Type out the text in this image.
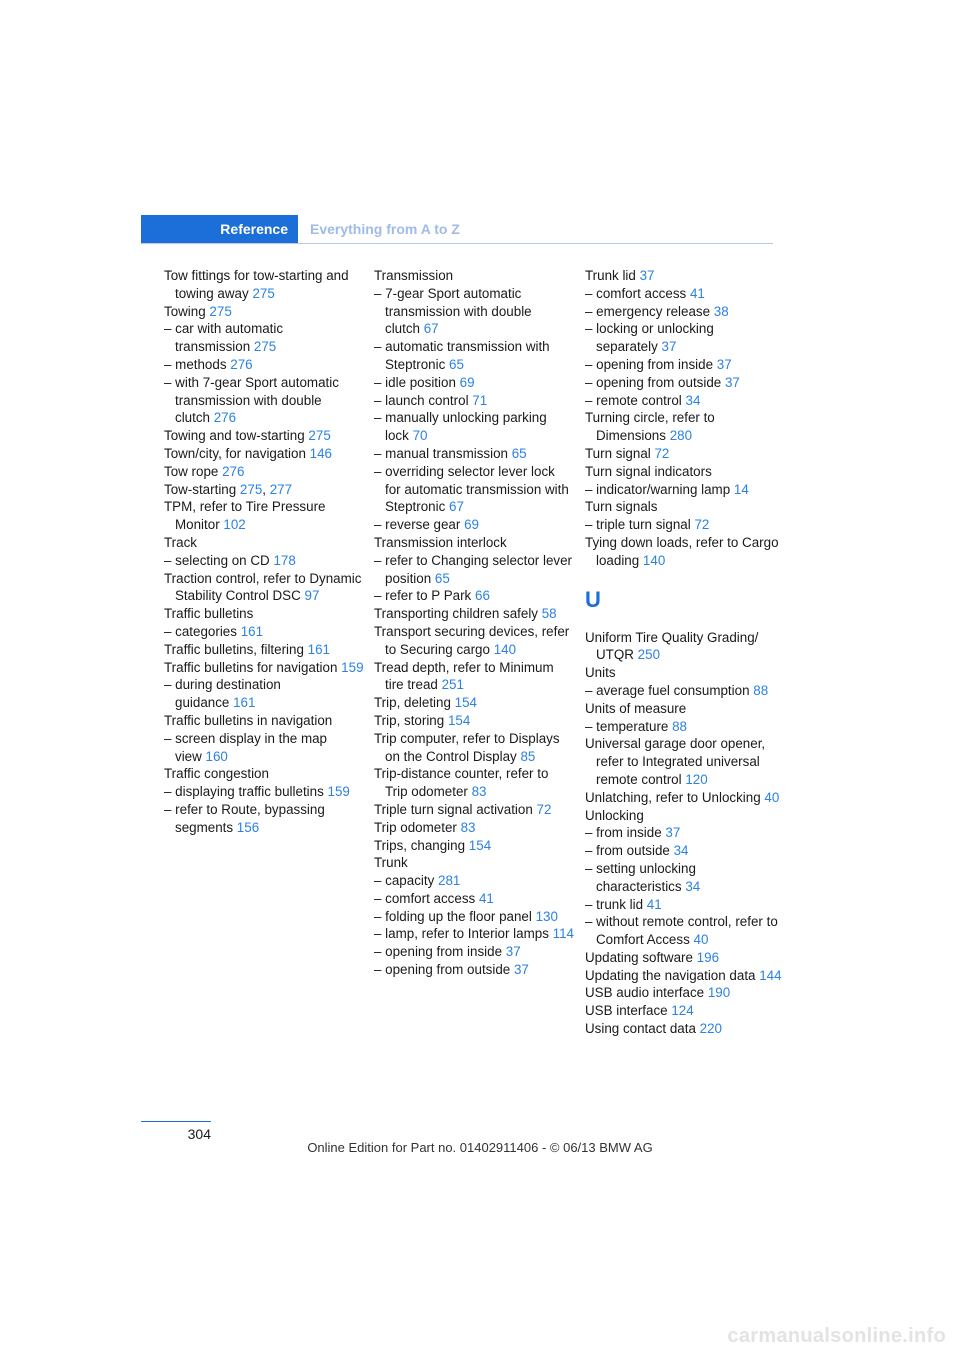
Reference	Everything from A to Z

Tow fittings for tow-starting and towing away 275

Towing 275

– car with automatic transmission 275

– methods 276

– with 7-gear Sport automatic transmission with double clutch 276

Towing and tow-starting 275

Town/city, for navigation 146

Tow rope 276

Tow-starting 275, 277

TPM, refer to Tire Pressure Monitor 102

Track

– selecting on CD 178

Traction control, refer to Dynamic Stability Control DSC 97

Traffic bulletins

– categories 161

Traffic bulletins, filtering 161

Traffic bulletins for navigation 159

– during destination guidance 161

Traffic bulletins in navigation

– screen display in the map view 160

Traffic congestion

– displaying traffic bulletins 159

– refer to Route, bypassing segments 156

Transmission

– 7-gear Sport automatic transmission with double clutch 67

– automatic transmission with Steptronic 65

– idle position 69

– launch control 71

– manually unlocking parking lock 70

– manual transmission 65

– overriding selector lever lock for automatic transmission with Steptronic 67

– reverse gear 69

Transmission interlock

– refer to Changing selector lever position 65

– refer to P Park 66

Transporting children safely 58

Transport securing devices, refer to Securing cargo 140

Tread depth, refer to Minimum tire tread 251

Trip, deleting 154

Trip, storing 154

Trip computer, refer to Displays on the Control Display 85

Trip-distance counter, refer to Trip odometer 83

Triple turn signal activation 72

Trip odometer 83

Trips, changing 154

Trunk

– capacity 281

– comfort access 41

– folding up the floor panel 130

– lamp, refer to Interior lamps 114

– opening from inside 37

– opening from outside 37

Trunk lid 37

– comfort access 41

– emergency release 38

– locking or unlocking separately 37

– opening from inside 37

– opening from outside 37

– remote control 34

Turning circle, refer to Dimensions 280

Turn signal 72

Turn signal indicators

– indicator/warning lamp 14

Turn signals

– triple turn signal 72

Tying down loads, refer to Cargo loading 140

U

Uniform Tire Quality Grading/ UTQR 250

Units

– average fuel consumption 88

Units of measure

– temperature 88

Universal garage door opener, refer to Integrated universal remote control 120

Unlatching, refer to Unlocking 40

Unlocking

– from inside 37

– from outside 34

– setting unlocking characteristics 34

– trunk lid 41

– without remote control, refer to Comfort Access 40

Updating software 196

Updating the navigation data 144

USB audio interface 190

USB interface 124

Using contact data 220

304
Online Edition for Part no. 01402911406 - © 06/13 BMW AG
carmanualsonline.info
